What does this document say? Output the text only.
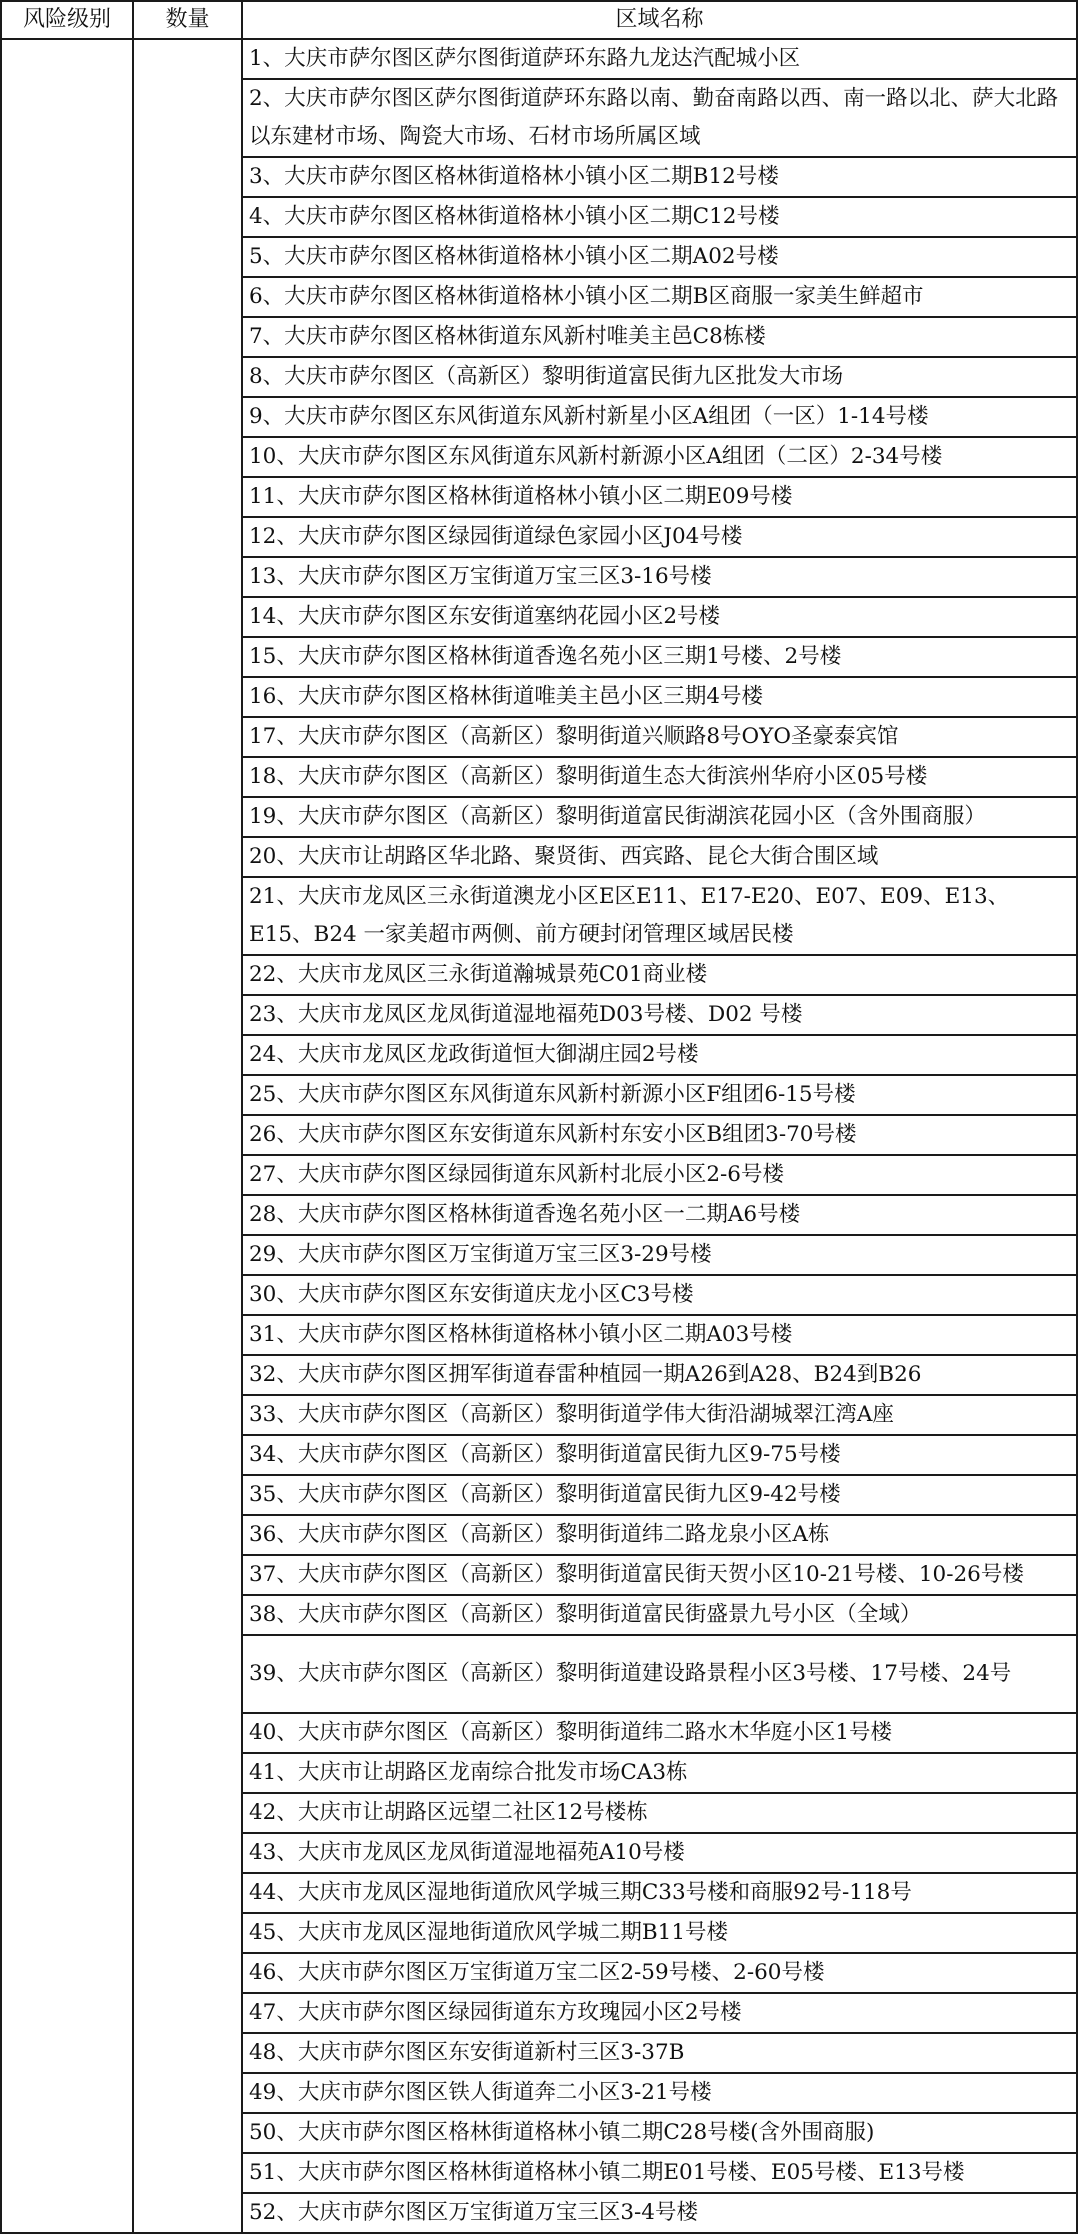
风险级别	数量	区域名称
		1、大庆市萨尔图区萨尔图街道萨环东路九龙达汽配城小区
		2、大庆市萨尔图区萨尔图街道萨环东路以南、勤奋南路以西、南一路以北、萨大北路以东建材市场、陶瓷大市场、石材市场所属区域
		3、大庆市萨尔图区格林街道格林小镇小区二期B12号楼
		4、大庆市萨尔图区格林街道格林小镇小区二期C12号楼
		5、大庆市萨尔图区格林街道格林小镇小区二期A02号楼
		6、大庆市萨尔图区格林街道格林小镇小区二期B区商服一家美生鲜超市
		7、大庆市萨尔图区格林街道东风新村唯美主邑C8栋楼
		8、大庆市萨尔图区（高新区）黎明街道富民街九区批发大市场
		9、大庆市萨尔图区东风街道东风新村新星小区A组团（一区）1-14号楼
		10、大庆市萨尔图区东风街道东风新村新源小区A组团（二区）2-34号楼
		11、大庆市萨尔图区格林街道格林小镇小区二期E09号楼
		12、大庆市萨尔图区绿园街道绿色家园小区J04号楼
		13、大庆市萨尔图区万宝街道万宝三区3-16号楼
		14、大庆市萨尔图区东安街道塞纳花园小区2号楼
		15、大庆市萨尔图区格林街道香逸名苑小区三期1号楼、2号楼
		16、大庆市萨尔图区格林街道唯美主邑小区三期4号楼
		17、大庆市萨尔图区（高新区）黎明街道兴顺路8号OYO圣豪泰宾馆
		18、大庆市萨尔图区（高新区）黎明街道生态大街滨州华府小区05号楼
		19、大庆市萨尔图区（高新区）黎明街道富民街湖滨花园小区（含外围商服）
		20、大庆市让胡路区华北路、聚贤街、西宾路、昆仑大街合围区域
		21、大庆市龙凤区三永街道澳龙小区E区E11、E17-E20、E07、E09、E13、E15、B24 一家美超市两侧、前方硬封闭管理区域居民楼
		22、大庆市龙凤区三永街道瀚城景苑C01商业楼
		23、大庆市龙凤区龙凤街道湿地福苑D03号楼、D02 号楼
		24、大庆市龙凤区龙政街道恒大御湖庄园2号楼
		25、大庆市萨尔图区东风街道东风新村新源小区F组团6-15号楼
		26、大庆市萨尔图区东安街道东风新村东安小区B组团3-70号楼
		27、大庆市萨尔图区绿园街道东风新村北辰小区2-6号楼
		28、大庆市萨尔图区格林街道香逸名苑小区一二期A6号楼
		29、大庆市萨尔图区万宝街道万宝三区3-29号楼
		30、大庆市萨尔图区东安街道庆龙小区C3号楼
		31、大庆市萨尔图区格林街道格林小镇小区二期A03号楼
		32、大庆市萨尔图区拥军街道春雷种植园一期A26到A28、B24到B26
		33、大庆市萨尔图区（高新区）黎明街道学伟大街沿湖城翠江湾A座
		34、大庆市萨尔图区（高新区）黎明街道富民街九区9-75号楼
		35、大庆市萨尔图区（高新区）黎明街道富民街九区9-42号楼
		36、大庆市萨尔图区（高新区）黎明街道纬二路龙泉小区A栋
		37、大庆市萨尔图区（高新区）黎明街道富民街天贺小区10-21号楼、10-26号楼
		38、大庆市萨尔图区（高新区）黎明街道富民街盛景九号小区（全域）
		39、大庆市萨尔图区（高新区）黎明街道建设路景程小区3号楼、17号楼、24号
		40、大庆市萨尔图区（高新区）黎明街道纬二路水木华庭小区1号楼
		41、大庆市让胡路区龙南综合批发市场CA3栋
		42、大庆市让胡路区远望二社区12号楼栋
		43、大庆市龙凤区龙凤街道湿地福苑A10号楼
		44、大庆市龙凤区湿地街道欣风学城三期C33号楼和商服92号-118号
		45、大庆市龙凤区湿地街道欣风学城二期B11号楼
		46、大庆市萨尔图区万宝街道万宝二区2-59号楼、2-60号楼
		47、大庆市萨尔图区绿园街道东方玫瑰园小区2号楼
		48、大庆市萨尔图区东安街道新村三区3-37B
		49、大庆市萨尔图区铁人街道奔二小区3-21号楼
		50、大庆市萨尔图区格林街道格林小镇二期C28号楼(含外围商服)
		51、大庆市萨尔图区格林街道格林小镇二期E01号楼、E05号楼、E13号楼
		52、大庆市萨尔图区万宝街道万宝三区3-4号楼
